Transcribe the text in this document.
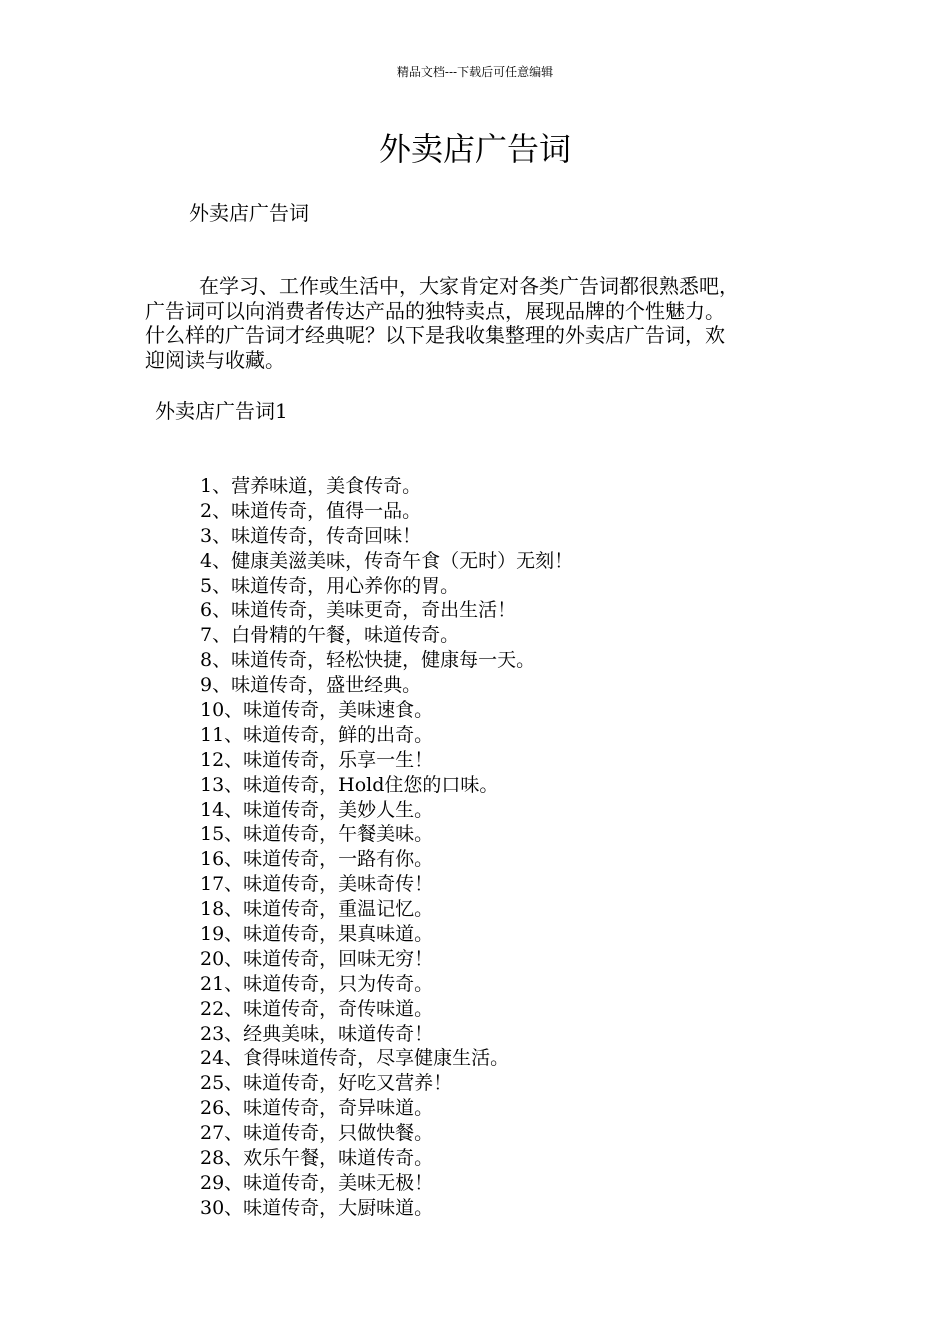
精品文档---下载后可任意编辑
外卖店广告词
外卖店广告词
在学习、工作或生活中，大家肯定对各类广告词都很熟悉吧，
广告词可以向消费者传达产品的独特卖点，展现品牌的个性魅力。
什么样的广告词才经典呢？以下是我收集整理的外卖店广告词，欢
迎阅读与收藏。
外卖店广告词1
1、营养味道，美食传奇。
2、味道传奇，值得一品。
3、味道传奇，传奇回味！
4、健康美滋美味，传奇午食（无时）无刻！
5、味道传奇，用心养你的胃。
6、味道传奇，美味更奇，奇出生活！
7、白骨精的午餐，味道传奇。
8、味道传奇，轻松快捷，健康每一天。
9、味道传奇，盛世经典。
10、味道传奇，美味速食。
11、味道传奇，鲜的出奇。
12、味道传奇，乐享一生！
13、味道传奇，Hold住您的口味。
14、味道传奇，美妙人生。
15、味道传奇，午餐美味。
16、味道传奇，一路有你。
17、味道传奇，美味奇传！
18、味道传奇，重温记忆。
19、味道传奇，果真味道。
20、味道传奇，回味无穷！
21、味道传奇，只为传奇。
22、味道传奇，奇传味道。
23、经典美味，味道传奇！
24、食得味道传奇，尽享健康生活。
25、味道传奇，好吃又营养！
26、味道传奇，奇异味道。
27、味道传奇，只做快餐。
28、欢乐午餐，味道传奇。
29、味道传奇，美味无极！
30、味道传奇，大厨味道。
